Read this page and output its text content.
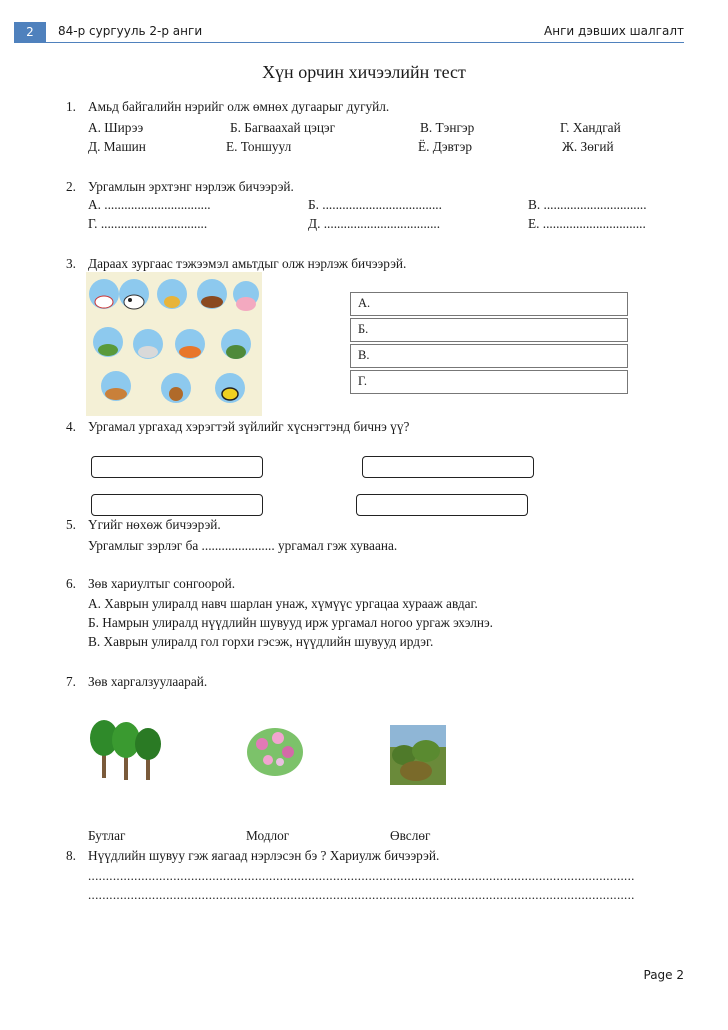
2	84-р сургууль 2-р анги	Анги дэвших шалгалт
Хүн орчин хичээлийн тест
1. Амьд байгалийн нэрийг олж өмнөх дугаарыг дугуйл.
А. Ширээ	Б. Багваахай цэцэг	В. Тэнгэр	Г. Хандгай
Д. Машин	Е. Тоншуул	Ё. Дэвтэр	Ж. Зөгий
2. Ургамлын эрхтэнг нэрлэж бичээрэй.
А. ................................	Б. ....................................	В. ...............................
Г. ................................	Д. ...................................	Е. ...............................
3. Дараах зургаас тэжээмэл амьтдыг олж нэрлэж бичээрэй.
А.
Б.
В.
Г.
4. Ургамал ургахад хэрэгтэй зүйлийг хүснэгтэнд бичнэ үү?
5. Үгийг нөхөж бичээрэй.
Ургамлыг зэрлэг ба ...................... ургамал гэж хуваана.
6. Зөв хариултыг сонгоорой.
А. Хаврын улиралд навч шарлан унаж, хүмүүс ургацаа хурааж авдаг.
Б. Намрын улиралд нүүдлийн шувууд ирж ургамал ногоо ургаж эхэлнэ.
В. Хаврын улиралд гол горхи гэсэж, нүүдлийн шувууд ирдэг.
7. Зөв харгалзуулаарай.
Бутлаг	Модлог	Өвслөг
8. Нүүдлийн шувуу гэж яагаад нэрлэсэн бэ ? Хариулж бичээрэй.
..........................................................................................................................................................
..........................................................................................................................................................
Page 2
